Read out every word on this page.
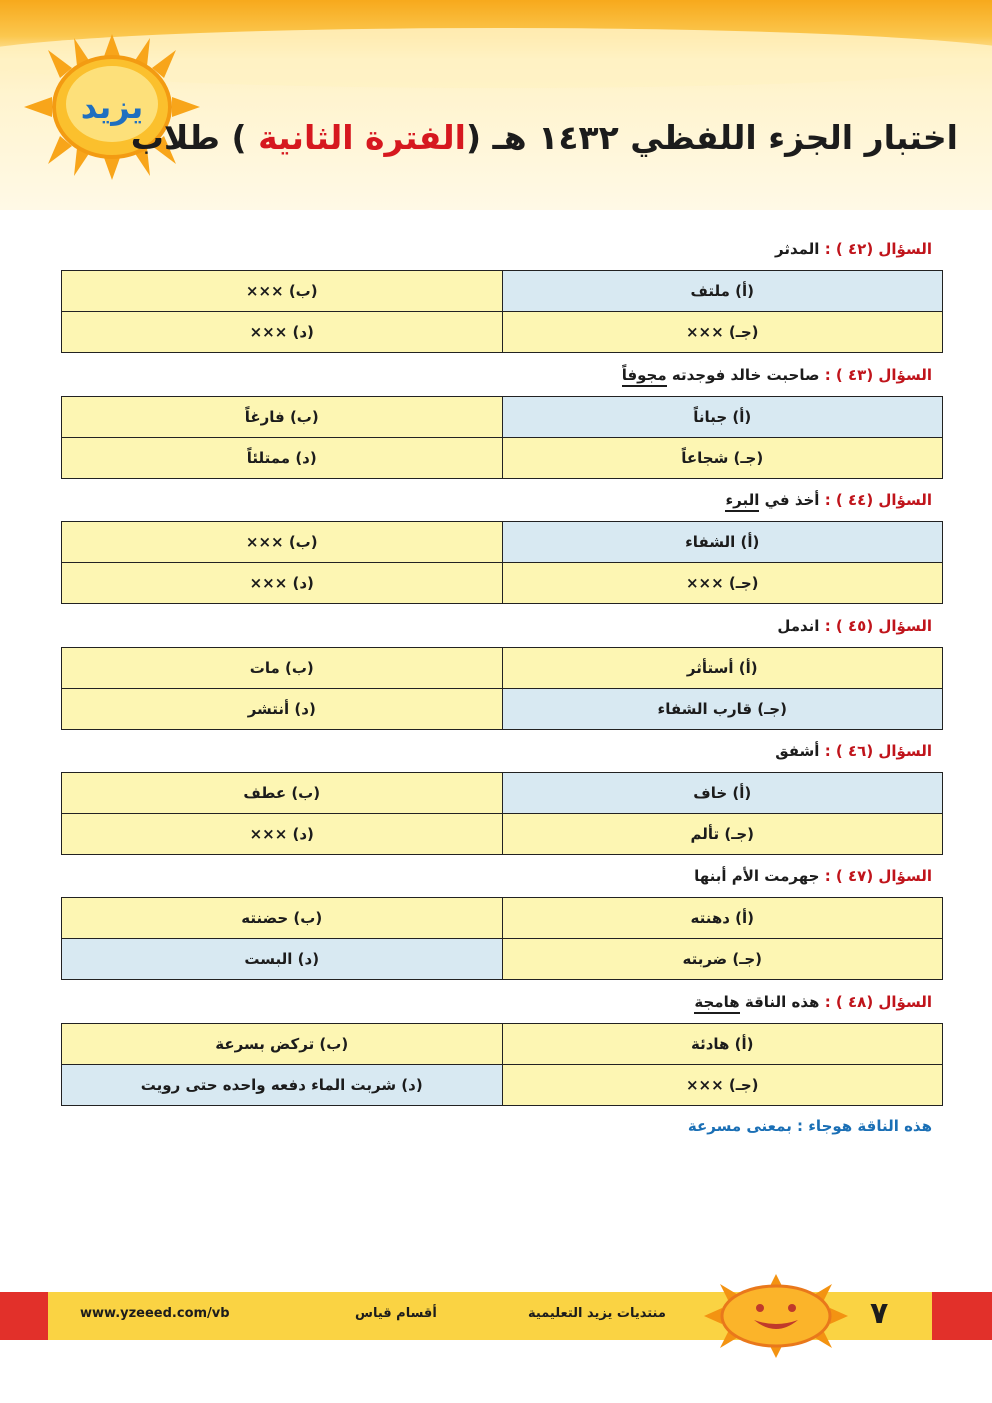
يزيد
اختبار الجزء اللفظي ١٤٣٢ هـ (الفترة الثانية ) طلاب
السؤال (٤٢ ) : المدثر
(أ) ملتف	(ب) ×××
(جـ) ×××	(د) ×××
السؤال (٤٣ ) : صاحبت خالد فوجدته مجوفاً
(أ) جباناً	(ب) فارغاً
(جـ) شجاعاً	(د) ممتلئاً
السؤال (٤٤ ) : أخذ في البرء
(أ) الشفاء	(ب) ×××
(جـ) ×××	(د) ×××
السؤال (٤٥ ) : اندمل
(أ) أستأثر	(ب) مات
(جـ) قارب الشفاء	(د) أنتشر
السؤال (٤٦ ) : أشفق
(أ) خاف	(ب) عطف
(جـ) تألم	(د) ×××
السؤال (٤٧ ) : جهرمت الأم أبنها
(أ) دهنته	(ب) حضنته
(جـ) ضربته	(د) البست
السؤال (٤٨ ) : هذه الناقة هامجة
(أ) هادئة	(ب) تركض بسرعة
(جـ) ×××	(د) شربت الماء دفعه واحده حتى رويت
هذه الناقة هوجاء : بمعنى مسرعة
www.yzeeed.com/vb	أقسام قياس	منتديات يزيد التعليمية	٧
